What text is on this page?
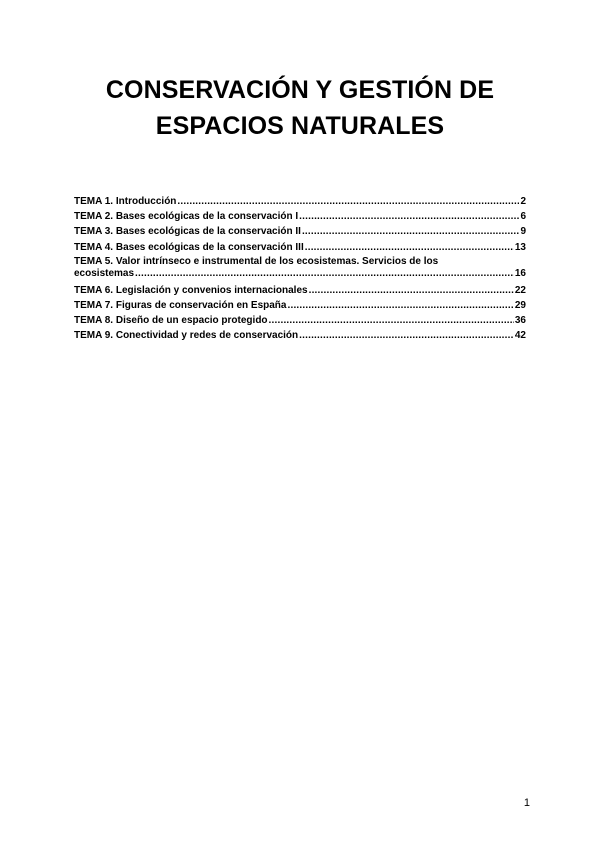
CONSERVACIÓN Y GESTIÓN DE
ESPACIOS NATURALES
TEMA 1. Introducción .....	2
TEMA 2. Bases ecológicas de la conservación I .....	6
TEMA 3. Bases ecológicas de la conservación II .....	9
TEMA 4. Bases ecológicas de la conservación III .....	13
TEMA 5. Valor intrínseco e instrumental de los ecosistemas. Servicios de los
ecosistemas .....	16
TEMA 6. Legislación y convenios internacionales .....	22
TEMA 7. Figuras de conservación en España .....	29
TEMA 8. Diseño de un espacio protegido .....	36
TEMA 9. Conectividad y redes de conservación .....	42
1
